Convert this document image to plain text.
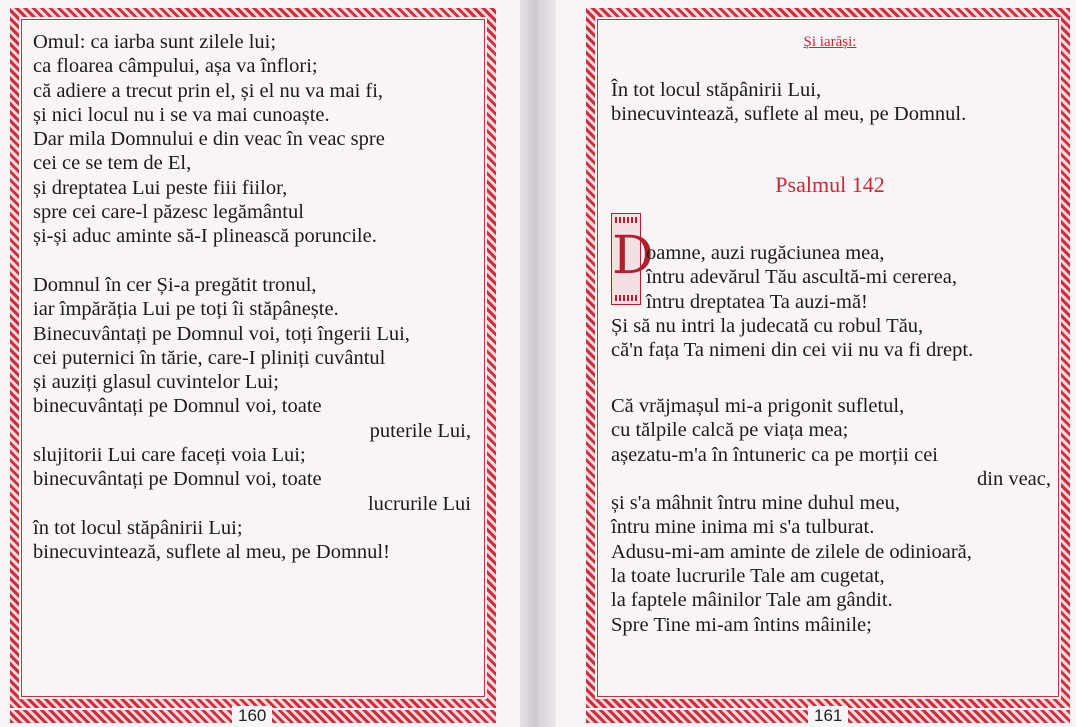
Omul: ca iarba sunt zilele lui;
ca floarea câmpului, așa va înflori;
că adiere a trecut prin el, și el nu va mai fi,
și nici locul nu i se va mai cunoaște.
Dar mila Domnului e din veac în veac spre
cei ce se tem de El,
și dreptatea Lui peste fiii fiilor,
spre cei care-l păzesc legământul
și-și aduc aminte să-I plinească poruncile.
Domnul în cer Și-a pregătit tronul,
iar împărăția Lui pe toți îi stăpânește.
Binecuvântați pe Domnul voi, toți îngerii Lui,
cei puternici în tărie, care-I pliniți cuvântul
și auziți glasul cuvintelor Lui;
binecuvântați pe Domnul voi, toate
puterile Lui,
slujitorii Lui care faceți voia Lui;
binecuvântați pe Domnul voi, toate
lucrurile Lui
în tot locul stăpânirii Lui;
binecuvintează, suflete al meu, pe Domnul!
Și iarăși:
În tot locul stăpânirii Lui,
binecuvintează, suflete al meu, pe Domnul.
Psalmul 142
D
oamne, auzi rugăciunea mea,
întru adevărul Tău ascultă-mi cererea,
întru dreptatea Ta auzi-mă!
Și să nu intri la judecată cu robul Tău,
că'n fața Ta nimeni din cei vii nu va fi drept.
Că vrăjmașul mi-a prigonit sufletul,
cu tălpile calcă pe viața mea;
așezatu-m'a în întuneric ca pe morții cei
din veac,
și s'a mâhnit întru mine duhul meu,
întru mine inima mi s'a tulburat.
Adusu-mi-am aminte de zilele de odinioară,
la toate lucrurile Tale am cugetat,
la faptele mâinilor Tale am gândit.
Spre Tine mi-am întins mâinile;
160	161
